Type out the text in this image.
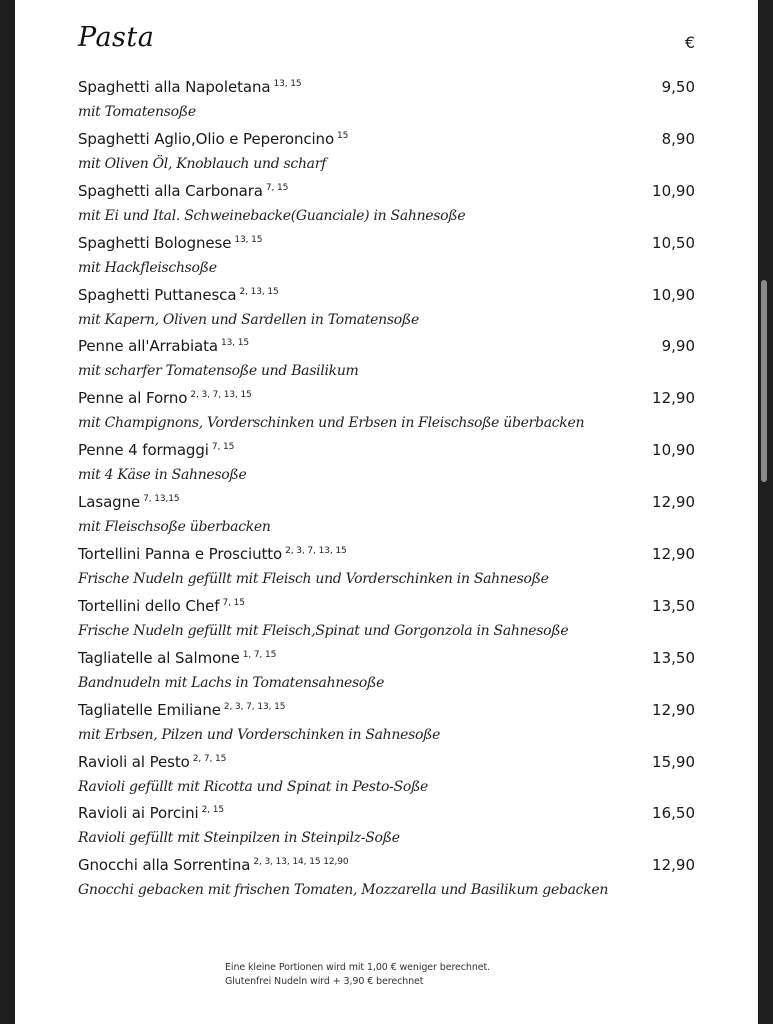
Pasta	€
Spaghetti alla Napoletana $^{13, 15}$	9,50
mit Tomatensoße
Spaghetti Aglio,Olio e Peperoncino $^{15}$	8,90
mit Oliven Öl, Knoblauch und scharf
Spaghetti alla Carbonara $^{7, 15}$	10,90
mit Ei und Ital. Schweinebacke(Guanciale) in Sahnesoße
Spaghetti Bolognese $^{13, 15}$	10,50
mit Hackfleischsoße
Spaghetti Puttanesca $^{2, 13, 15}$	10,90
mit Kapern, Oliven und Sardellen in Tomatensoße
Penne all'Arrabiata $^{13, 15}$	9,90
mit scharfer Tomatensoße und Basilikum
Penne al Forno $^{2, 3, 7, 13, 15}$	12,90
mit Champignons, Vorderschinken und Erbsen in Fleischsoße überbacken
Penne 4 formaggi $^{7, 15}$	10,90
mit 4 Käse in Sahnesoße
Lasagne $^{7, 13,15}$	12,90
mit Fleischsoße überbacken
Tortellini Panna e Prosciutto $^{2, 3, 7, 13, 15}$	12,90
Frische Nudeln gefüllt mit Fleisch und Vorderschinken in Sahnesoße
Tortellini dello Chef $^{7, 15}$	13,50
Frische Nudeln gefüllt mit Fleisch,Spinat und Gorgonzola in Sahnesoße
Tagliatelle al Salmone $^{1, 7, 15}$	13,50
Bandnudeln mit Lachs in Tomatensahnesoße
Tagliatelle Emiliane $^{2, 3, 7, 13, 15}$	12,90
mit Erbsen, Pilzen und Vorderschinken in Sahnesoße
Ravioli al Pesto $^{2, 7, 15}$	15,90
Ravioli gefüllt mit Ricotta und Spinat in Pesto-Soße
Ravioli ai Porcini $^{2, 15}$	16,50
Ravioli gefüllt mit Steinpilzen in Steinpilz-Soße
Gnocchi alla Sorrentina $^{2, 3, 13, 14, 15 12,90}$	12,90
Gnocchi gebacken mit frischen Tomaten, Mozzarella und Basilikum gebacken
Eine kleine Portionen wird mit 1,00 € weniger berechnet.
Glutenfrei Nudeln wird + 3,90 € berechnet
